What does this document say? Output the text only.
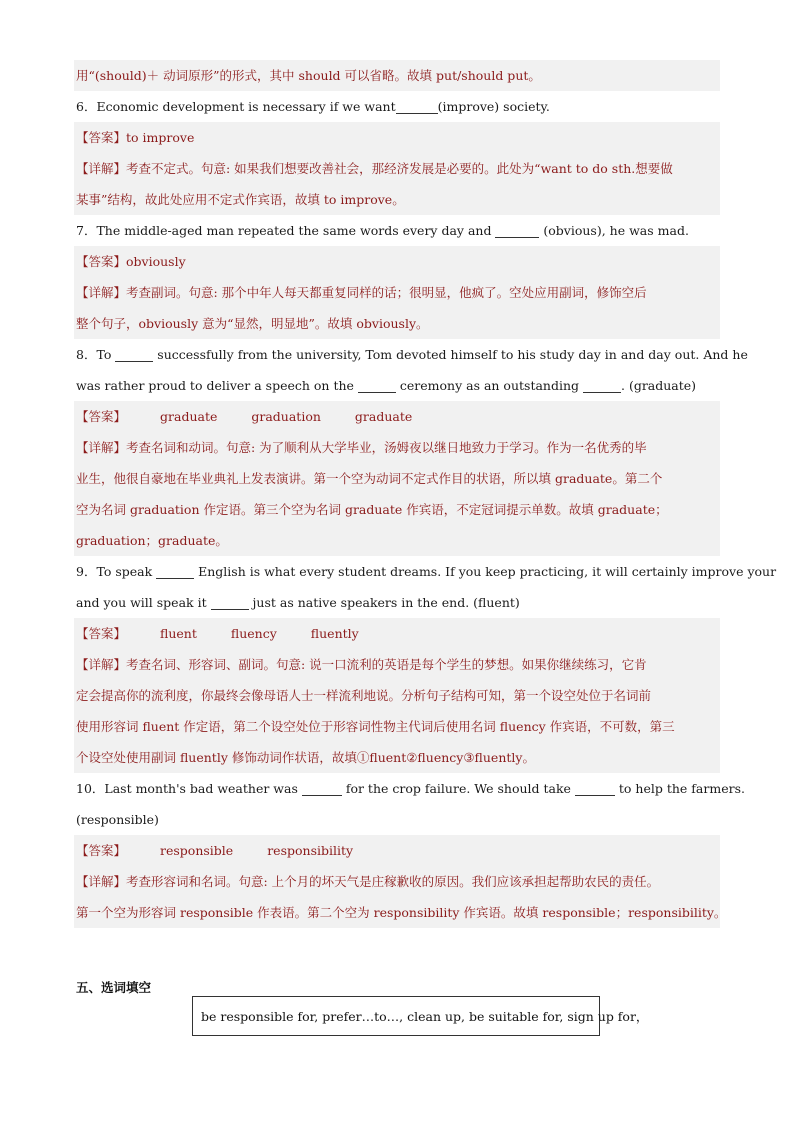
用“(should)＋ 动词原形”的形式，其中 should 可以省略。故填 put/should put。
6．Economic development is necessary if we want	(improve) society.
【答案】to improve
【详解】考查不定式。句意: 如果我们想要改善社会，那经济发展是必要的。此处为“want to do sth.想要做
某事”结构，故此处应用不定式作宾语，故填 to improve。
7．The middle-aged man repeated the same words every day and	(obvious), he was mad.
【答案】obviously
【详解】考查副词。句意: 那个中年人每天都重复同样的话；很明显，他疯了。空处应用副词，修饰空后
整个句子，obviously 意为“显然，明显地”。故填 obviously。
8．To	successfully from the university, Tom devoted himself to his study day in and day out. And he
was rather proud to deliver a speech on the	ceremony as an outstanding	. (graduate)
【答案】	graduate	graduation	graduate
【详解】考查名词和动词。句意: 为了顺利从大学毕业，汤姆夜以继日地致力于学习。作为一名优秀的毕
业生，他很自豪地在毕业典礼上发表演讲。第一个空为动词不定式作目的状语，所以填 graduate。第二个
空为名词 graduation 作定语。第三个空为名词 graduate 作宾语，不定冠词提示单数。故填 graduate；
graduation；graduate。
9．To speak	English is what every student dreams. If you keep practicing, it will certainly improve your
and you will speak it	just as native speakers in the end. (fluent)
【答案】	fluent	fluency	fluently
【详解】考查名词、形容词、副词。句意: 说一口流利的英语是每个学生的梦想。如果你继续练习，它肯
定会提高你的流利度，你最终会像母语人士一样流利地说。分析句子结构可知，第一个设空处位于名词前
使用形容词 fluent 作定语，第二个设空处位于形容词性物主代词后使用名词 fluency 作宾语，不可数，第三
个设空处使用副词 fluently 修饰动词作状语，故填①fluent②fluency③fluently。
10．Last month's bad weather was	for the crop failure. We should take	to help the farmers.
(responsible)
【答案】	responsible	responsibility
【详解】考查形容词和名词。句意: 上个月的坏天气是庄稼歉收的原因。我们应该承担起帮助农民的责任。
第一个空为形容词 responsible 作表语。第二个空为 responsibility 作宾语。故填 responsible；responsibility。
五、选词填空
be responsible for, prefer…to…, clean up, be suitable for, sign up for，
